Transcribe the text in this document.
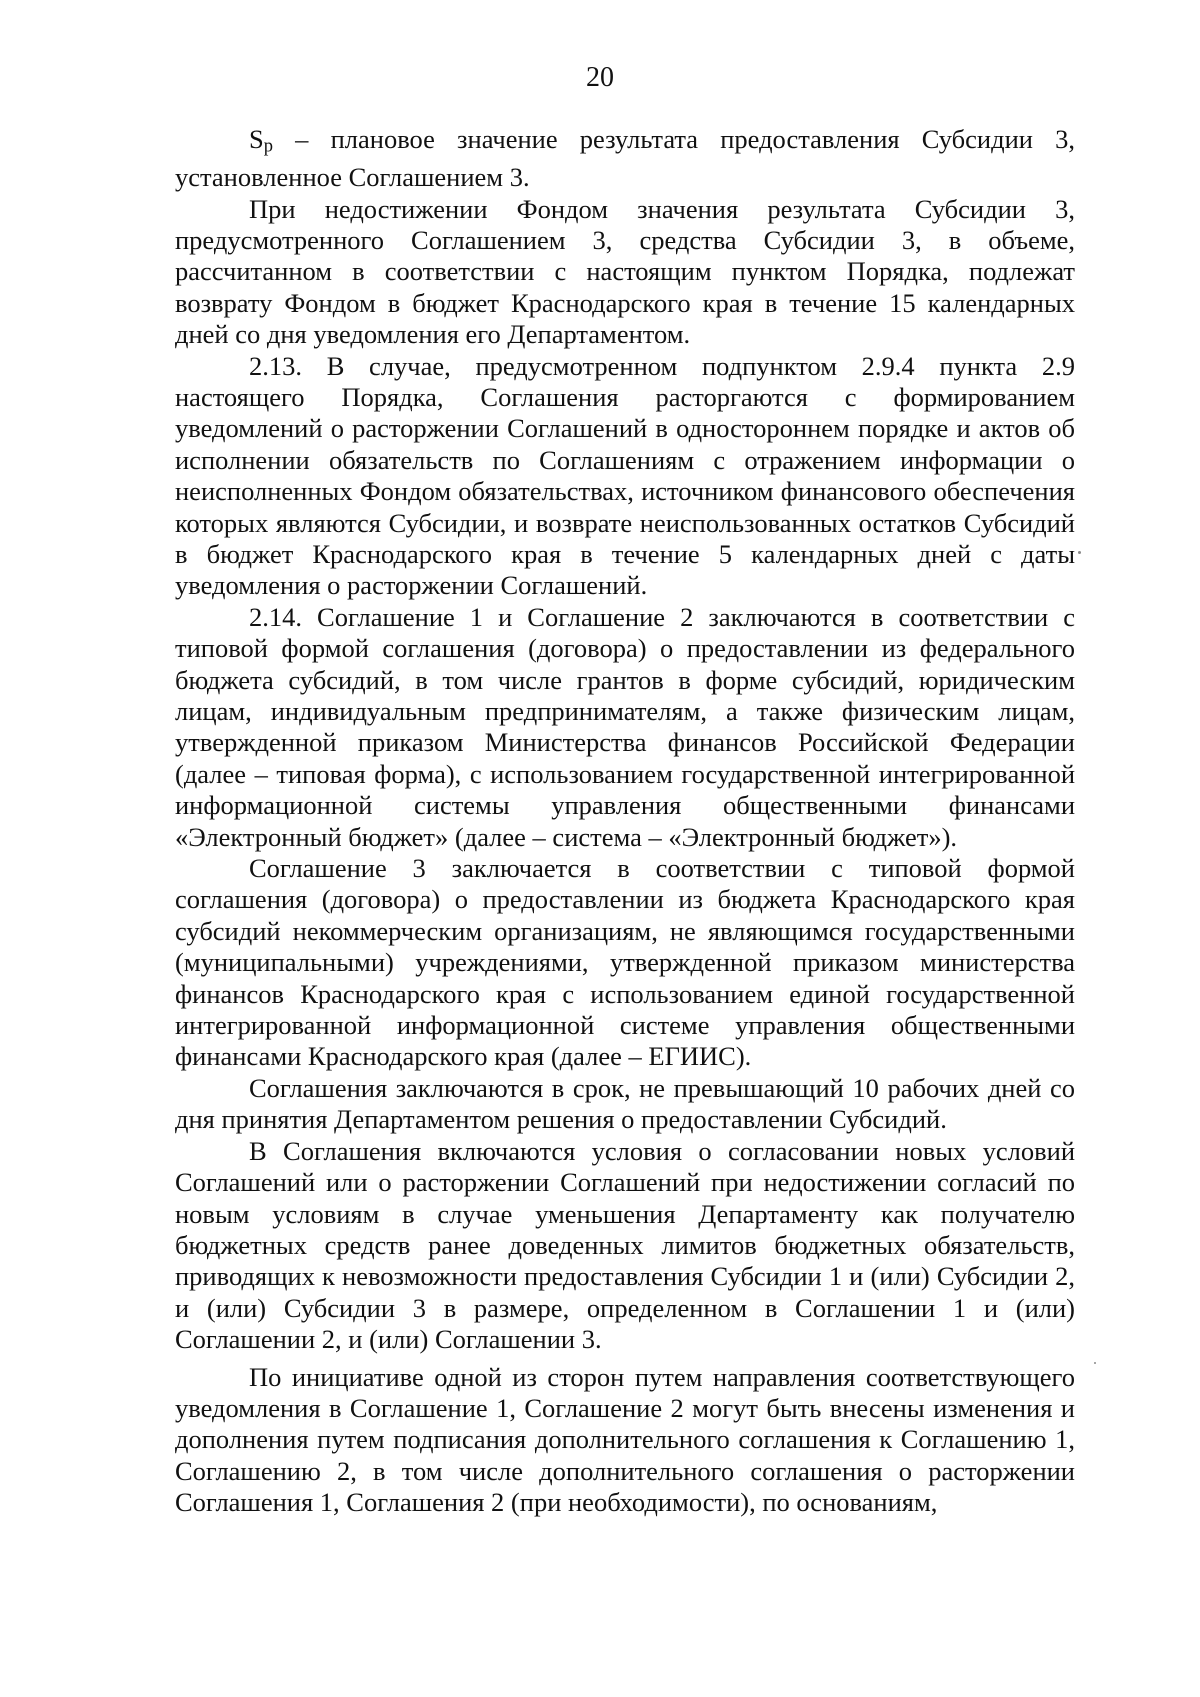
20

Sp – плановое значение результата предоставления Субсидии 3, установленное Соглашением 3.

При недостижении Фондом значения результата Субсидии 3, предусмотренного Соглашением 3, средства Субсидии 3, в объеме, рассчитанном в соответствии с настоящим пунктом Порядка, подлежат возврату Фондом в бюджет Краснодарского края в течение 15 календарных дней со дня уведомления его Департаментом.

2.13. В случае, предусмотренном подпунктом 2.9.4 пункта 2.9 настоящего Порядка, Соглашения расторгаются с формированием уведомлений о расторжении Соглашений в одностороннем порядке и актов об исполнении обязательств по Соглашениям с отражением информации о неисполненных Фондом обязательствах, источником финансового обеспечения которых являются Субсидии, и возврате неиспользованных остатков Субсидий в бюджет Краснодарского края в течение 5 календарных дней с даты уведомления о расторжении Соглашений.

2.14. Соглашение 1 и Соглашение 2 заключаются в соответствии с типовой формой соглашения (договора) о предоставлении из федерального бюджета субсидий, в том числе грантов в форме субсидий, юридическим лицам, индивидуальным предпринимателям, а также физическим лицам, утвержденной приказом Министерства финансов Российской Федерации (далее – типовая форма), с использованием государственной интегрированной информационной системы управления общественными финансами «Электронный бюджет» (далее – система – «Электронный бюджет»).

Соглашение 3 заключается в соответствии с типовой формой соглашения (договора) о предоставлении из бюджета Краснодарского края субсидий некоммерческим организациям, не являющимся государственными (муниципальными) учреждениями, утвержденной приказом министерства финансов Краснодарского края с использованием единой государственной интегрированной информационной системе управления общественными финансами Краснодарского края (далее – ЕГИИС).

Соглашения заключаются в срок, не превышающий 10 рабочих дней со дня принятия Департаментом решения о предоставлении Субсидий.

В Соглашения включаются условия о согласовании новых условий Соглашений или о расторжении Соглашений при недостижении согласий по новым условиям в случае уменьшения Департаменту как получателю бюджетных средств ранее доведенных лимитов бюджетных обязательств, приводящих к невозможности предоставления Субсидии 1 и (или) Субсидии 2, и (или) Субсидии 3 в размере, определенном в Соглашении 1 и (или) Соглашении 2, и (или) Соглашении 3.

По инициативе одной из сторон путем направления соответствующего уведомления в Соглашение 1, Соглашение 2 могут быть внесены изменения и дополнения путем подписания дополнительного соглашения к Соглашению 1, Соглашению 2, в том числе дополнительного соглашения о расторжении Соглашения 1, Соглашения 2 (при необходимости), по основаниям,
